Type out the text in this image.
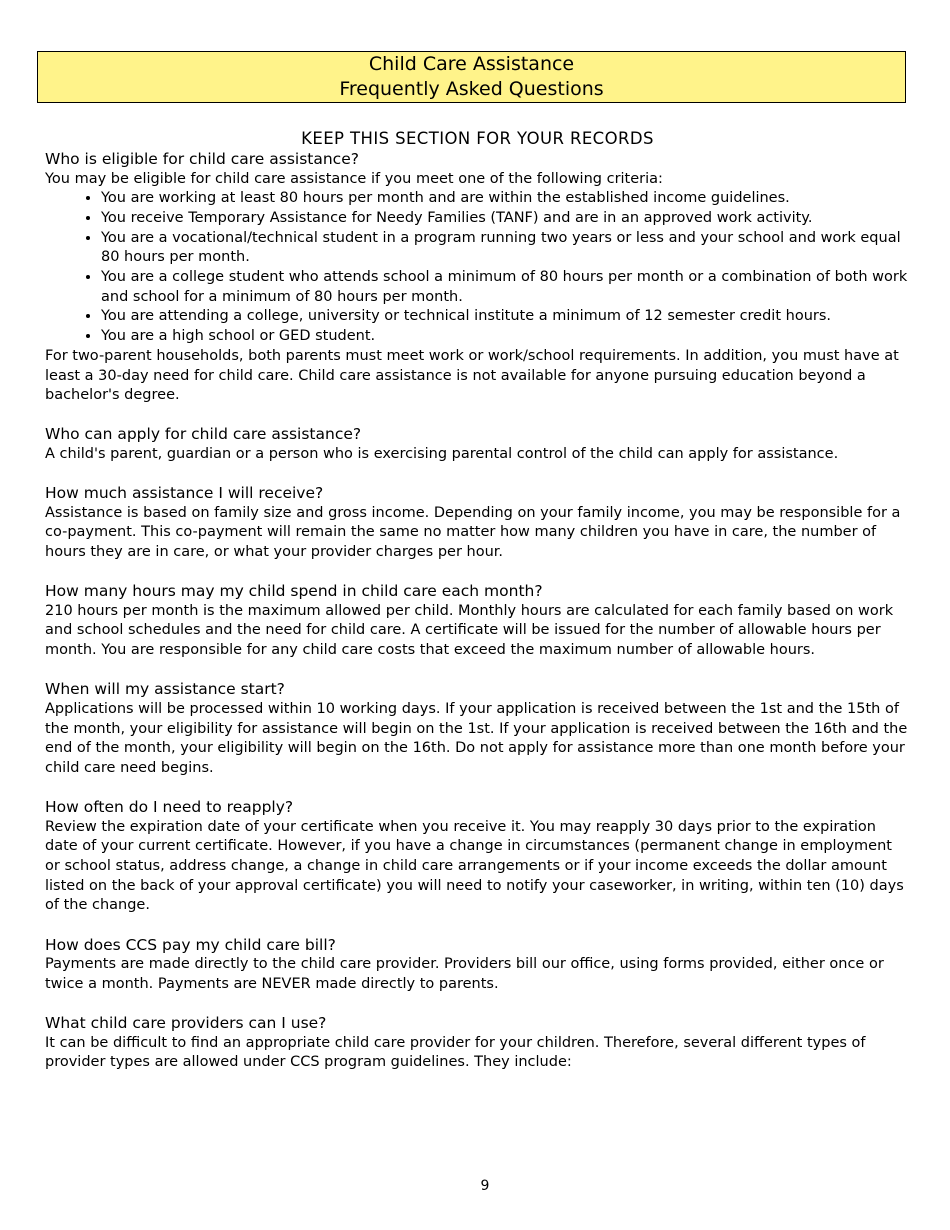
Child Care Assistance
Frequently Asked Questions

KEEP THIS SECTION FOR YOUR RECORDS

Who is eligible for child care assistance?

You may be eligible for child care assistance if you meet one of the following criteria:

• You are working at least 80 hours per month and are within the established income guidelines.
• You receive Temporary Assistance for Needy Families (TANF) and are in an approved work activity.
• You are a vocational/technical student in a program running two years or less and your school and work equal 80 hours per month.
• You are a college student who attends school a minimum of 80 hours per month or a combination of both work and school for a minimum of 80 hours per month.
• You are attending a college, university or technical institute a minimum of 12 semester credit hours.
• You are a high school or GED student.

For two-parent households, both parents must meet work or work/school requirements. In addition, you must have at least a 30-day need for child care. Child care assistance is not available for anyone pursuing education beyond a bachelor's degree.

Who can apply for child care assistance?

A child's parent, guardian or a person who is exercising parental control of the child can apply for assistance.

How much assistance I will receive?

Assistance is based on family size and gross income. Depending on your family income, you may be responsible for a co-payment. This co-payment will remain the same no matter how many children you have in care, the number of hours they are in care, or what your provider charges per hour.

How many hours may my child spend in child care each month?

210 hours per month is the maximum allowed per child. Monthly hours are calculated for each family based on work and school schedules and the need for child care. A certificate will be issued for the number of allowable hours per month. You are responsible for any child care costs that exceed the maximum number of allowable hours.

When will my assistance start?

Applications will be processed within 10 working days. If your application is received between the 1st and the 15th of the month, your eligibility for assistance will begin on the 1st. If your application is received between the 16th and the end of the month, your eligibility will begin on the 16th. Do not apply for assistance more than one month before your child care need begins.

How often do I need to reapply?

Review the expiration date of your certificate when you receive it. You may reapply 30 days prior to the expiration date of your current certificate. However, if you have a change in circumstances (permanent change in employment or school status, address change, a change in child care arrangements or if your income exceeds the dollar amount listed on the back of your approval certificate) you will need to notify your caseworker, in writing, within ten (10) days of the change.

How does CCS pay my child care bill?

Payments are made directly to the child care provider. Providers bill our office, using forms provided, either once or twice a month. Payments are NEVER made directly to parents.

What child care providers can I use?

It can be difficult to find an appropriate child care provider for your children. Therefore, several different types of provider types are allowed under CCS program guidelines. They include:

9
